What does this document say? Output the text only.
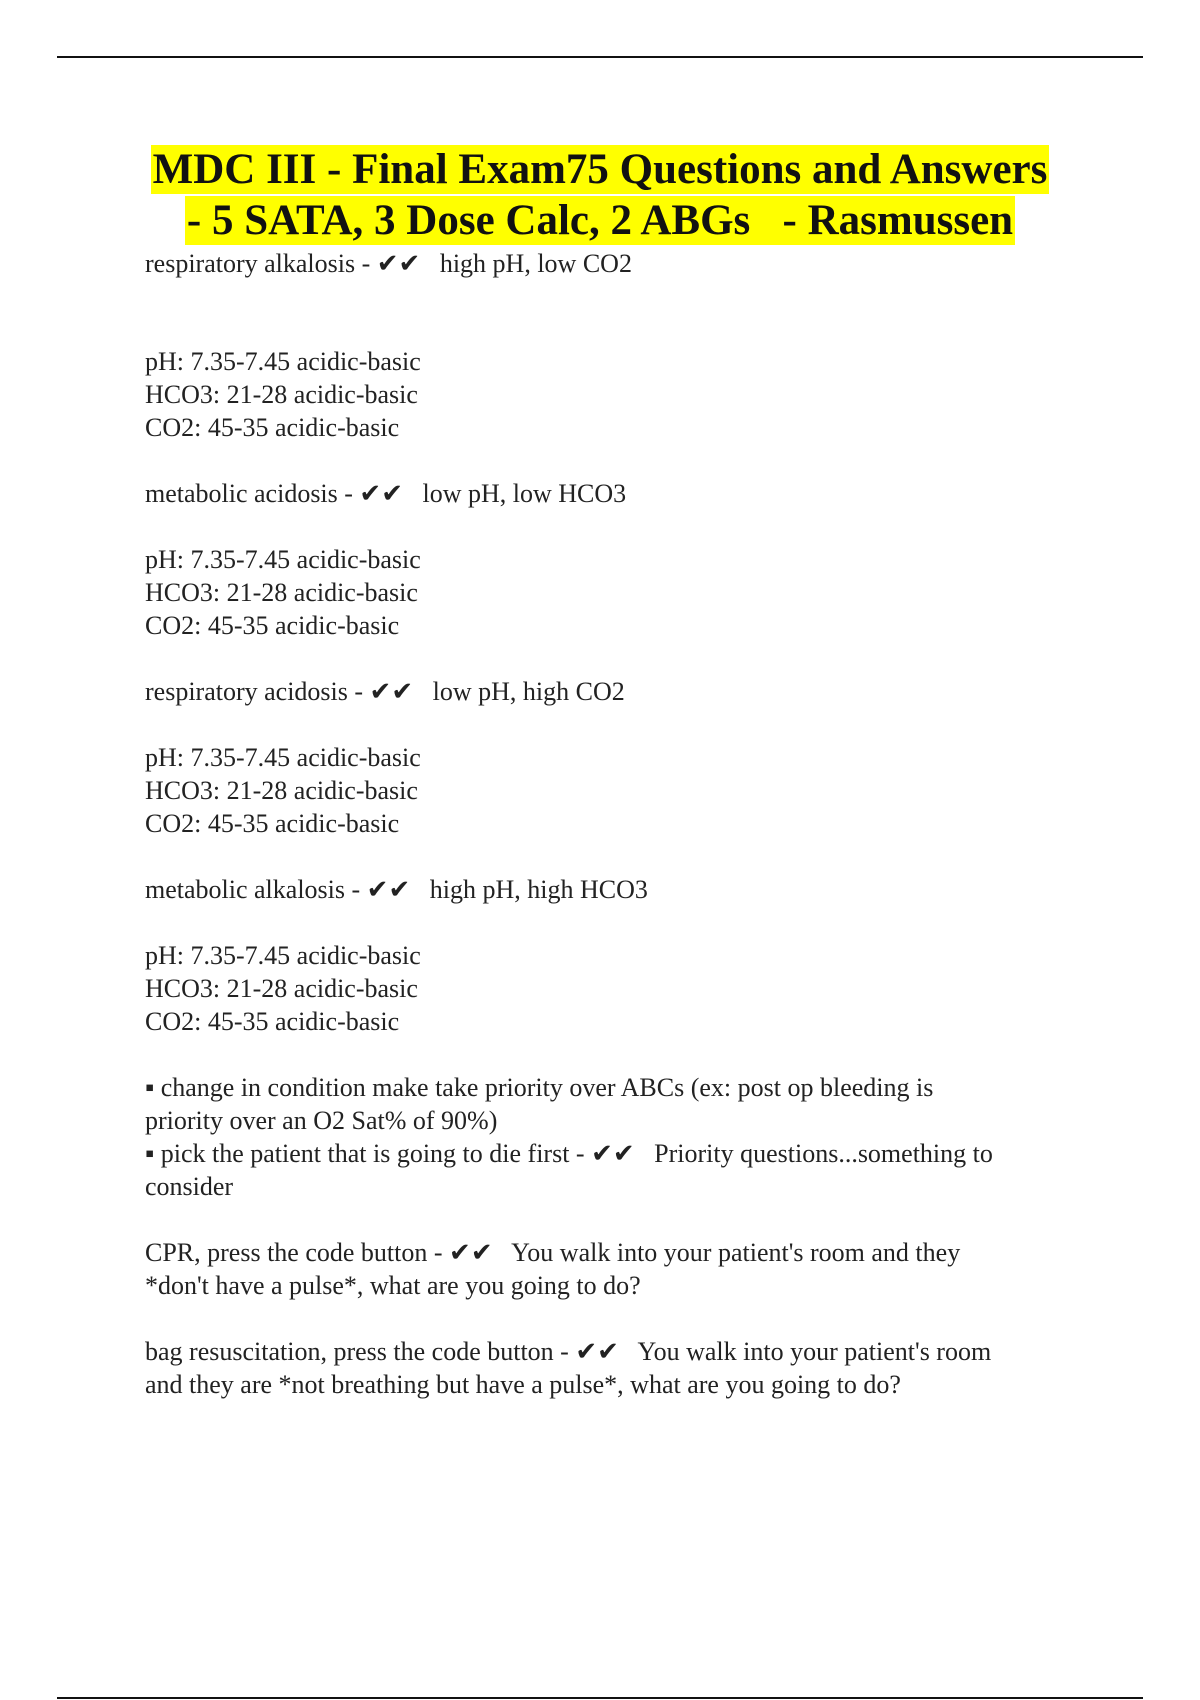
MDC III - Final Exam75 Questions and Answers
- 5 SATA, 3 Dose Calc, 2 ABGs   - Rasmussen
respiratory alkalosis - ✔✔   high pH, low CO2
pH: 7.35-7.45 acidic-basic
HCO3: 21-28 acidic-basic
CO2: 45-35 acidic-basic
metabolic acidosis - ✔✔   low pH, low HCO3
pH: 7.35-7.45 acidic-basic
HCO3: 21-28 acidic-basic
CO2: 45-35 acidic-basic
respiratory acidosis - ✔✔   low pH, high CO2
pH: 7.35-7.45 acidic-basic
HCO3: 21-28 acidic-basic
CO2: 45-35 acidic-basic
metabolic alkalosis - ✔✔   high pH, high HCO3
pH: 7.35-7.45 acidic-basic
HCO3: 21-28 acidic-basic
CO2: 45-35 acidic-basic
▪ change in condition make take priority over ABCs (ex: post op bleeding is
priority over an O2 Sat% of 90%)
▪ pick the patient that is going to die first - ✔✔   Priority questions...something to
consider
CPR, press the code button - ✔✔   You walk into your patient's room and they
*don't have a pulse*, what are you going to do?
bag resuscitation, press the code button - ✔✔   You walk into your patient's room
and they are *not breathing but have a pulse*, what are you going to do?
